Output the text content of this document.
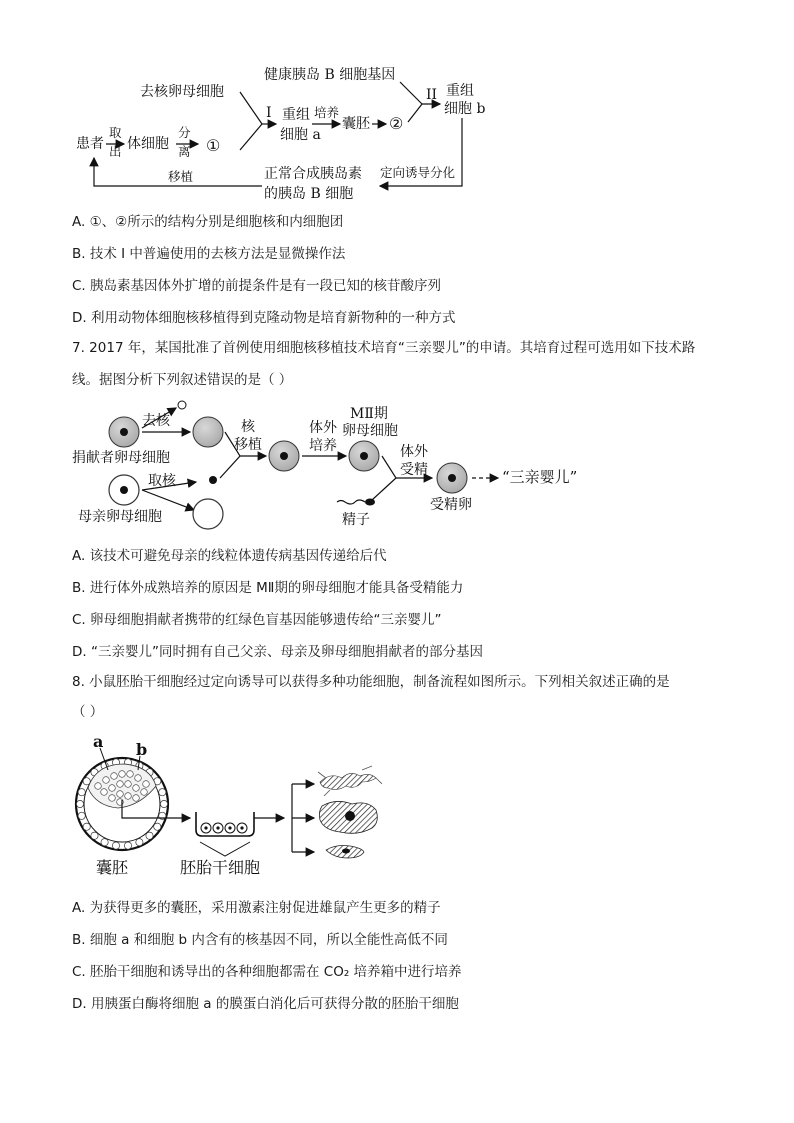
去核卵母细胞
健康胰岛 B 细胞基因
患者
取
出 体细胞
分
离 ①
I 重组
细胞 a
培养
囊胚 ②
II 重组
细胞 b
正常合成胰岛素
的胰岛 B 细胞
移植	定向诱导分化
A. ①、②所示的结构分别是细胞核和内细胞团
B. 技术 I 中普遍使用的去核方法是显微操作法
C. 胰岛素基因体外扩增的前提条件是有一段已知的核苷酸序列
D. 利用动物体细胞核移植得到克隆动物是培育新物种的一种方式
7. 2017 年，某国批准了首例使用细胞核移植技术培育“三亲婴儿”的申请。其培育过程可选用如下技术路
线。据图分析下列叙述错误的是（ ）
去核
捐献者卵母细胞
取核
母亲卵母细胞
核
移植
体外
培养
MⅡ期
卵母细胞
体外
受精
精子
受精卵
“三亲婴儿”
A. 该技术可避免母亲的线粒体遗传病基因传递给后代
B. 进行体外成熟培养的原因是 MⅡ期的卵母细胞才能具备受精能力
C. 卵母细胞捐献者携带的红绿色盲基因能够遗传给“三亲婴儿”
D. “三亲婴儿”同时拥有自己父亲、母亲及卵母细胞捐献者的部分基因
8. 小鼠胚胎干细胞经过定向诱导可以获得多种功能细胞，制备流程如图所示。下列相关叙述正确的是
（ ）
a b
囊胚	胚胎干细胞
A. 为获得更多的囊胚，采用激素注射促进雄鼠产生更多的精子
B. 细胞 a 和细胞 b 内含有的核基因不同，所以全能性高低不同
C. 胚胎干细胞和诱导出的各种细胞都需在 CO₂ 培养箱中进行培养
D. 用胰蛋白酶将细胞 a 的膜蛋白消化后可获得分散的胚胎干细胞
